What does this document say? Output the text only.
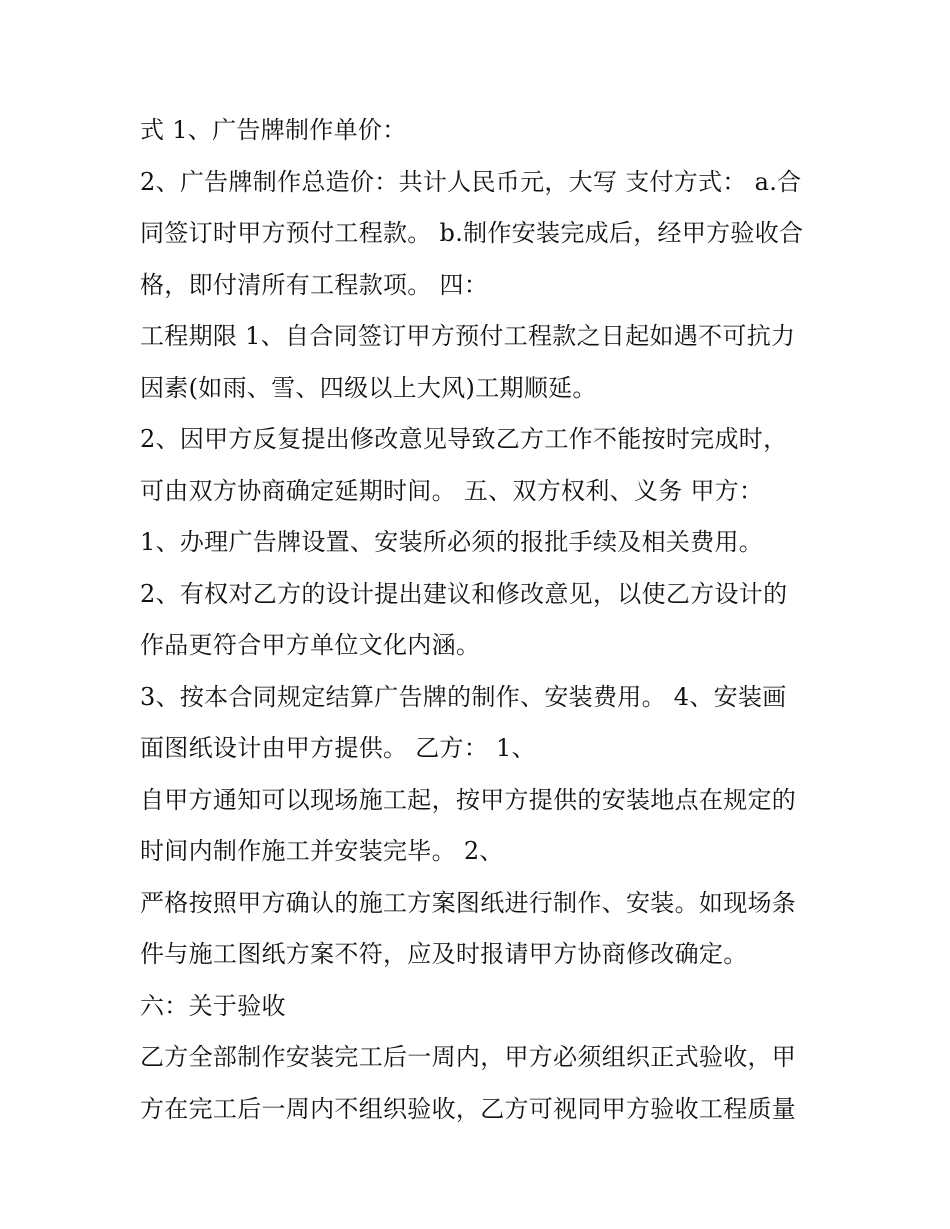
式 1、广告牌制作单价：
2、广告牌制作总造价：共计人民币元，大写 支付方式： a.合
同签订时甲方预付工程款。 b.制作安装完成后，经甲方验收合
格，即付清所有工程款项。 四：
工程期限 1、自合同签订甲方预付工程款之日起如遇不可抗力
因素(如雨、雪、四级以上大风)工期顺延。
2、因甲方反复提出修改意见导致乙方工作不能按时完成时，
可由双方协商确定延期时间。 五、双方权利、义务 甲方：
1、办理广告牌设置、安装所必须的报批手续及相关费用。
2、有权对乙方的设计提出建议和修改意见，以使乙方设计的
作品更符合甲方单位文化内涵。
3、按本合同规定结算广告牌的制作、安装费用。 4、安装画
面图纸设计由甲方提供。 乙方： 1、
自甲方通知可以现场施工起，按甲方提供的安装地点在规定的
时间内制作施工并安装完毕。 2、
严格按照甲方确认的施工方案图纸进行制作、安装。如现场条
件与施工图纸方案不符，应及时报请甲方协商修改确定。
六：关于验收
乙方全部制作安装完工后一周内，甲方必须组织正式验收，甲
方在完工后一周内不组织验收，乙方可视同甲方验收工程质量
